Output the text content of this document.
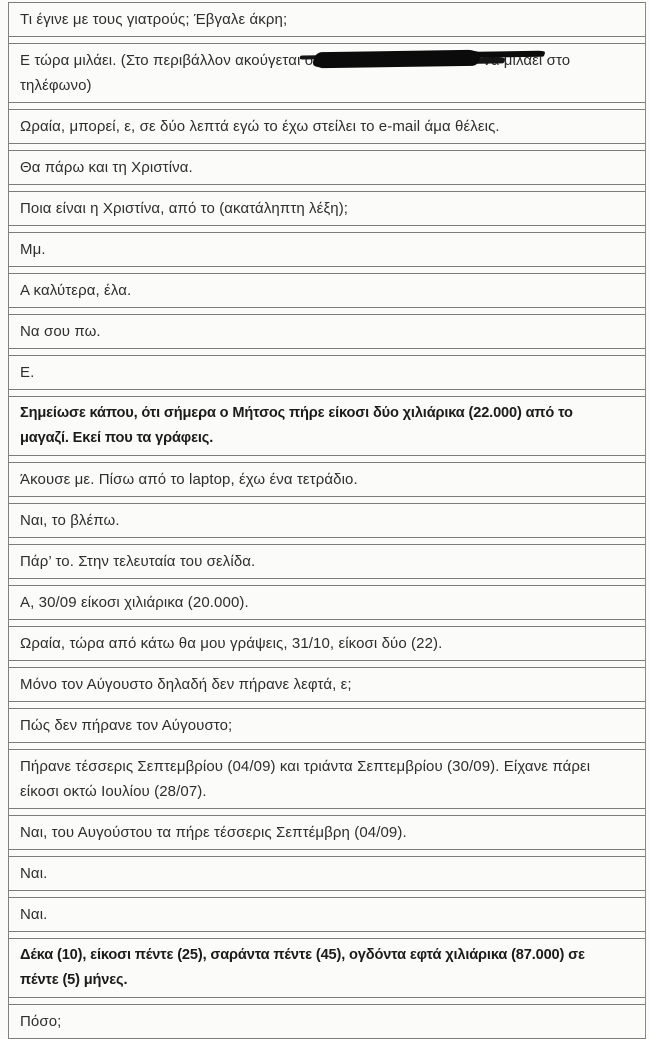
Τι έγινε με τους γιατρούς; Έβγαλε άκρη;
Ε τώρα μιλάει. (Στο περιβάλλον ακούγεται ο	να μιλάει στο
τηλέφωνο)
Ωραία, μπορεί, ε, σε δύο λεπτά εγώ το έχω στείλει το e-mail άμα θέλεις.
Θα πάρω και τη Χριστίνα.
Ποια είναι η Χριστίνα, από το (ακατάληπτη λέξη);
Μμ.
Α καλύτερα, έλα.
Να σου πω.
Ε.
Σημείωσε κάπου, ότι σήμερα ο Μήτσος πήρε είκοσι δύο χιλιάρικα (22.000) από το
μαγαζί. Εκεί που τα γράφεις.
Άκουσε με. Πίσω από το laptop, έχω ένα τετράδιο.
Ναι, το βλέπω.
Πάρ’ το. Στην τελευταία του σελίδα.
Α, 30/09 είκοσι χιλιάρικα (20.000).
Ωραία, τώρα από κάτω θα μου γράψεις, 31/10, είκοσι δύο (22).
Μόνο τον Αύγουστο δηλαδή δεν πήρανε λεφτά, ε;
Πώς δεν πήρανε τον Αύγουστο;
Πήρανε τέσσερις Σεπτεμβρίου (04/09) και τριάντα Σεπτεμβρίου (30/09). Είχανε πάρει
είκοσι οκτώ Ιουλίου (28/07).
Ναι, του Αυγούστου τα πήρε τέσσερις Σεπτέμβρη (04/09).
Ναι.
Ναι.
Δέκα (10), είκοσι πέντε (25), σαράντα πέντε (45), ογδόντα εφτά χιλιάρικα (87.000) σε
πέντε (5) μήνες.
Πόσο;
